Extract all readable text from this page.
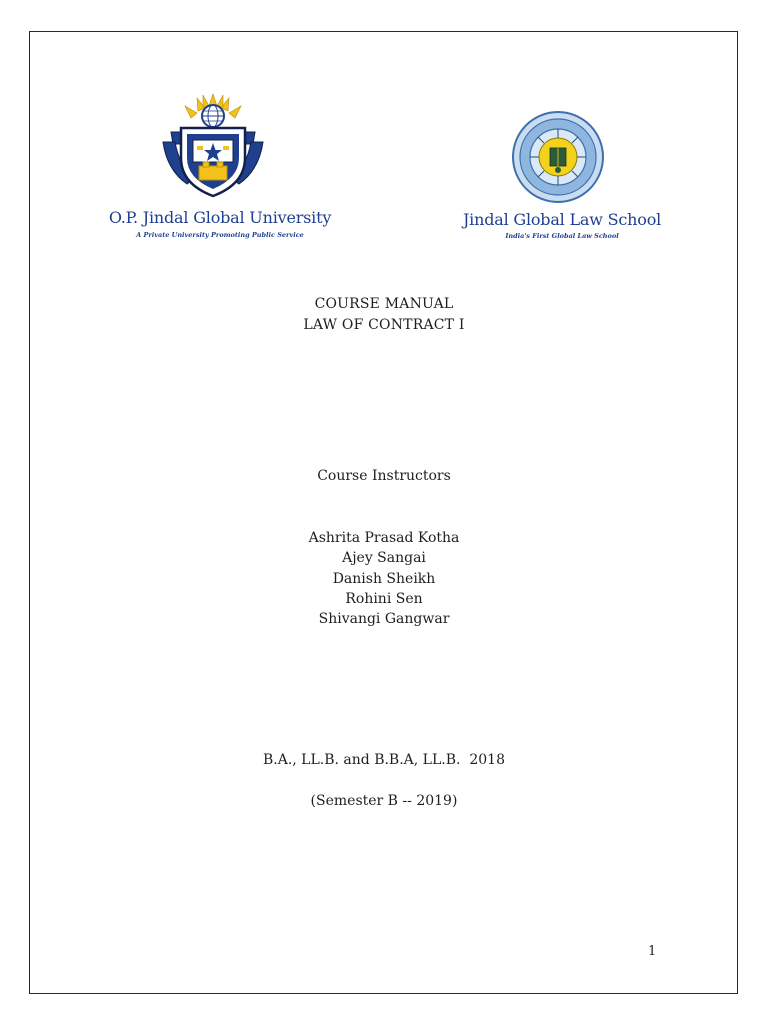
O.P. Jindal Global University
A Private University Promoting Public Service
Jindal Global Law School
India's First Global Law School
COURSE MANUAL
LAW OF CONTRACT I
Course Instructors
Ashrita Prasad Kotha
Ajey Sangai
Danish Sheikh
Rohini Sen
Shivangi Gangwar
B.A., LL.B. and B.B.A, LL.B.  2018
(Semester B -- 2019)
1
